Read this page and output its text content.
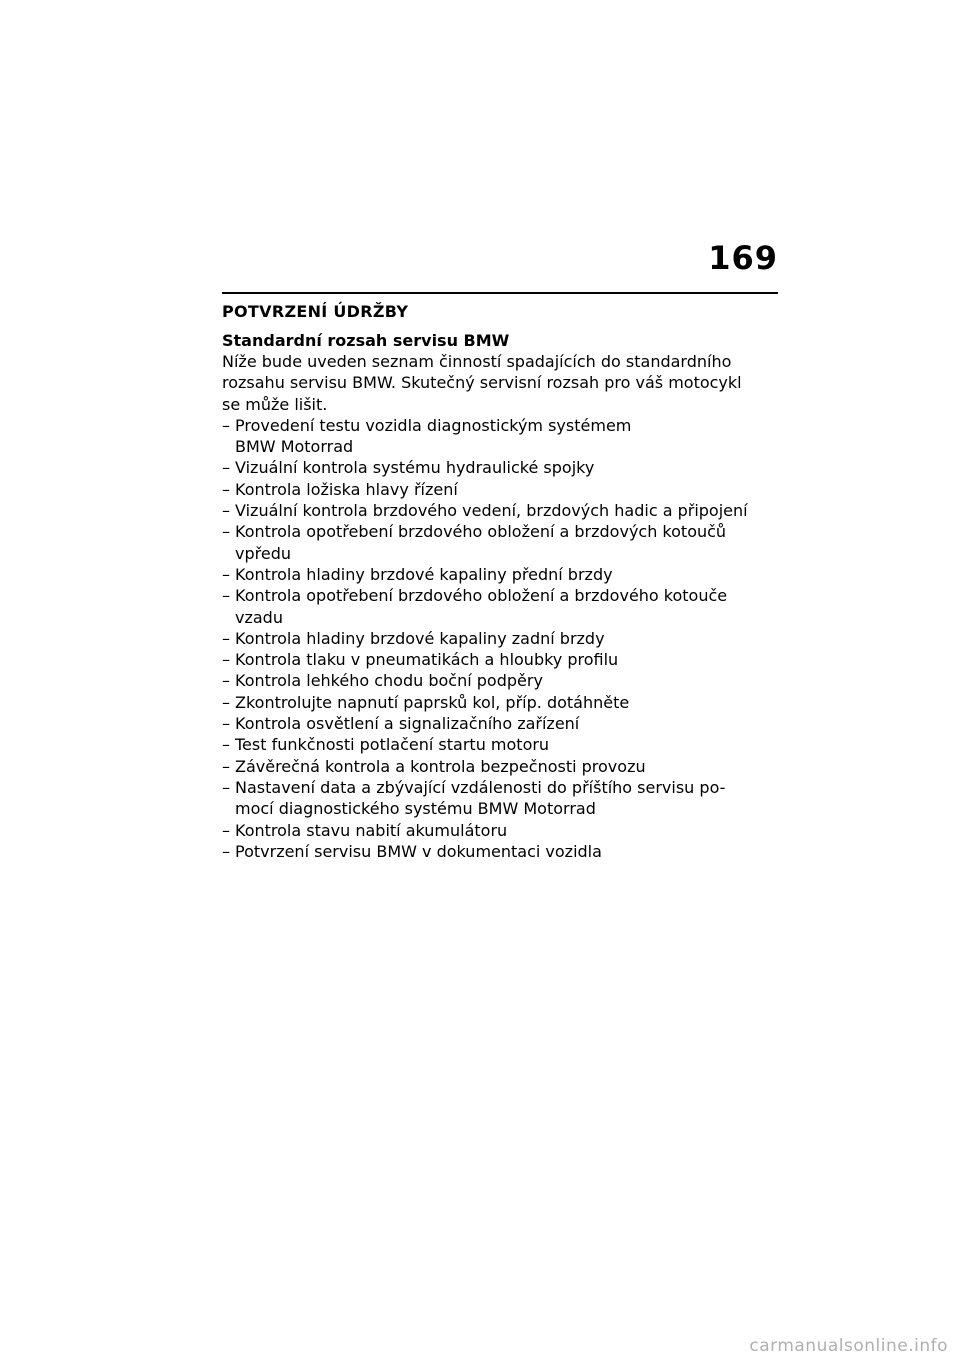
169
POTVRZENÍ ÚDRŽBY
Standardní rozsah servisu BMW

Níže bude uveden seznam činností spadajících do standardního
rozsahu servisu BMW. Skutečný servisní rozsah pro váš motocykl
se může lišit.

– Provedení testu vozidla diagnostickým systémem
BMW Motorrad
– Vizuální kontrola systému hydraulické spojky
– Kontrola ložiska hlavy řízení
– Vizuální kontrola brzdového vedení, brzdových hadic a připojení
– Kontrola opotřebení brzdového obložení a brzdových kotoučů
vpředu
– Kontrola hladiny brzdové kapaliny přední brzdy
– Kontrola opotřebení brzdového obložení a brzdového kotouče
vzadu
– Kontrola hladiny brzdové kapaliny zadní brzdy
– Kontrola tlaku v pneumatikách a hloubky profilu
– Kontrola lehkého chodu boční podpěry
– Zkontrolujte napnutí paprsků kol, příp. dotáhněte
– Kontrola osvětlení a signalizačního zařízení
– Test funkčnosti potlačení startu motoru
– Závěrečná kontrola a kontrola bezpečnosti provozu
– Nastavení data a zbývající vzdálenosti do příštího servisu po-
mocí diagnostického systému BMW Motorrad
– Kontrola stavu nabití akumulátoru
– Potvrzení servisu BMW v dokumentaci vozidla
carmanualsonline.info
